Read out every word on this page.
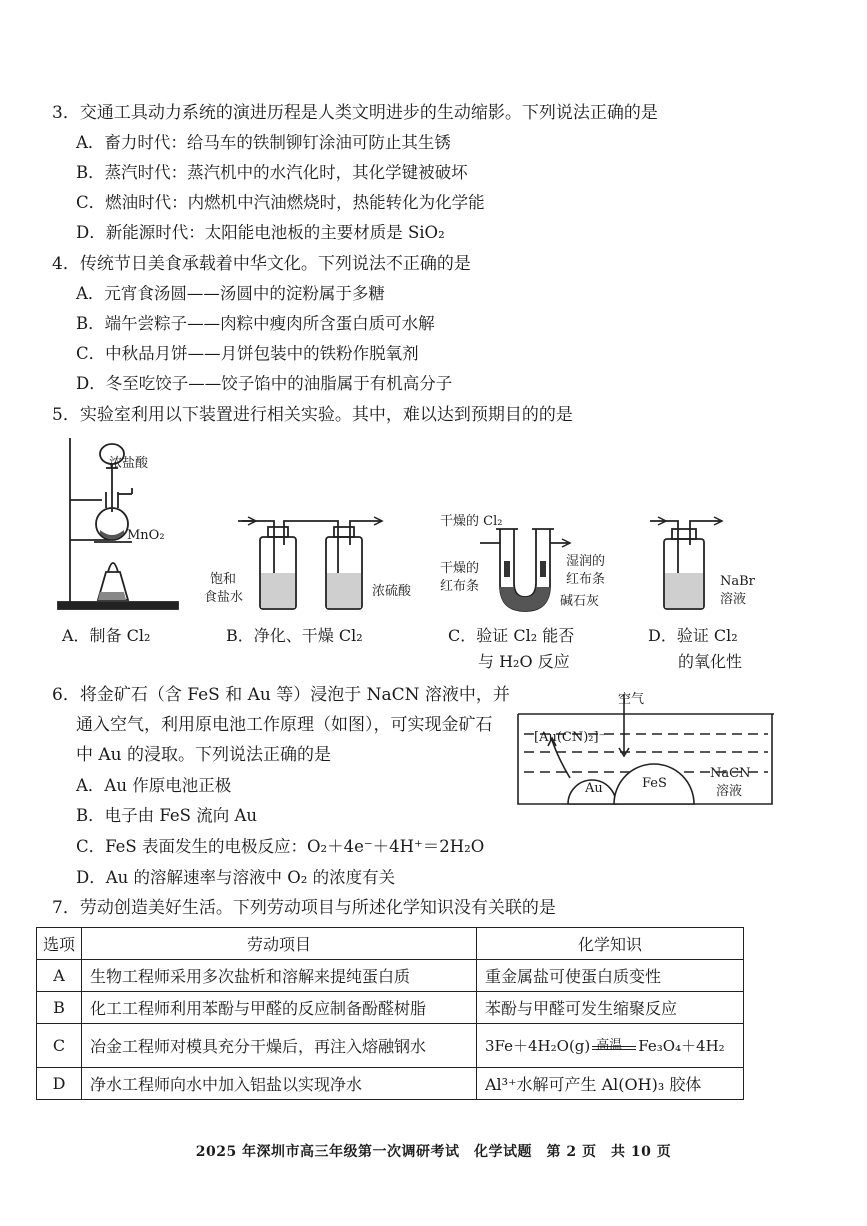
3．交通工具动力系统的演进历程是人类文明进步的生动缩影。下列说法正确的是
A．畜力时代：给马车的铁制铆钉涂油可防止其生锈
B．蒸汽时代：蒸汽机中的水汽化时，其化学键被破坏
C．燃油时代：内燃机中汽油燃烧时，热能转化为化学能
D．新能源时代：太阳能电池板的主要材质是 SiO₂
4．传统节日美食承载着中华文化。下列说法不正确的是
A．元宵食汤圆——汤圆中的淀粉属于多糖
B．端午尝粽子——肉粽中瘦肉所含蛋白质可水解
C．中秋品月饼——月饼包装中的铁粉作脱氧剂
D．冬至吃饺子——饺子馅中的油脂属于有机高分子
5．实验室利用以下装置进行相关实验。其中，难以达到预期目的的是
浓盐酸
MnO₂
A．制备 Cl₂
饱和
食盐水	浓硫酸
B．净化、干燥 Cl₂
干燥的 Cl₂
干燥的
红布条
湿润的
红布条
碱石灰
C．验证 Cl₂ 能否
与 H₂O 反应
NaBr
溶液
D．验证 Cl₂
的氧化性
6．将金矿石（含 FeS 和 Au 等）浸泡于 NaCN 溶液中，并
通入空气，利用原电池工作原理（如图），可实现金矿石
中 Au 的浸取。下列说法正确的是
A．Au 作原电池正极
B．电子由 FeS 流向 Au
C．FeS 表面发生的电极反应：O₂＋4e⁻＋4H⁺＝2H₂O
D．Au 的溶解速率与溶液中 O₂ 的浓度有关
空气
[Au(CN)₂]⁻
Au	FeS
NaCN
溶液
7．劳动创造美好生活。下列劳动项目与所述化学知识没有关联的是
选项	劳动项目	化学知识
A	生物工程师采用多次盐析和溶解来提纯蛋白质	重金属盐可使蛋白质变性
B	化工工程师利用苯酚与甲醛的反应制备酚醛树脂	苯酚与甲醛可发生缩聚反应
C	冶金工程师对模具充分干燥后，再注入熔融钢水	3Fe＋4H₂O(g) 高温 Fe₃O₄＋4H₂
D	净水工程师向水中加入铝盐以实现净水	Al³⁺水解可产生 Al(OH)₃ 胶体
2025 年深圳市高三年级第一次调研考试　化学试题　第 2 页　共 10 页
